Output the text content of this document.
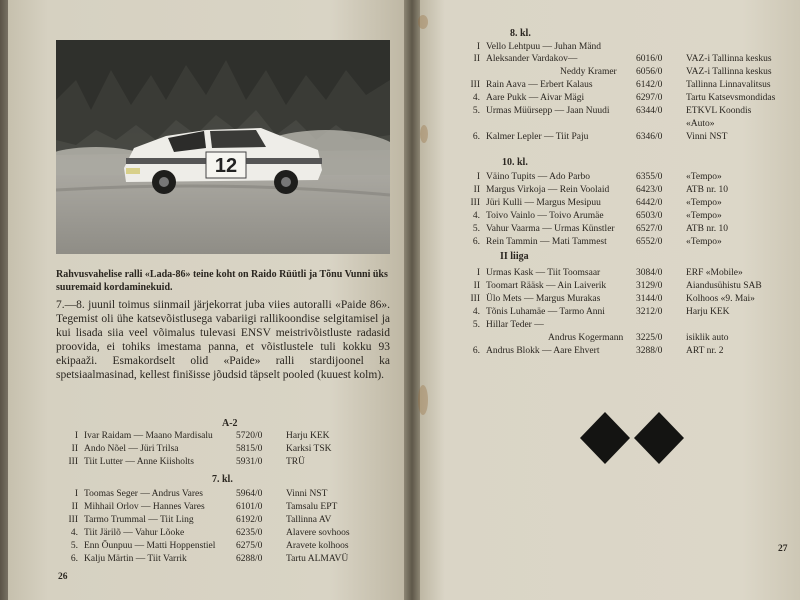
12
Rahvusvahelise ralli «Lada-86» teine koht on Raido Rüütli ja Tõnu Vunni üks suuremaid kordaminekuid.
7.—8. juunil toimus siinmail järjekorrat juba viies autoralli «Paide 86». Tegemist oli ühe katsevõistlusega vabariigi rallikoondise selgitamisel ja kui lisada siia veel võimalus tulevasi ENSV meistrivõistluste radasid proovida, ei tohiks imestama panna, et võistlustele tuli kokku 93 ekipaaži. Esmakordselt olid «Paide» ralli stardijoonel ka spetsiaalmasinad, kellest finišisse jõudsid täpselt pooled (kuuest kolm).
A-2
I Ivar Raidam — Maano Mardisalu 5720/0 Harju KEK
II Ando Nõel — Jüri Trilsa	5815/0 Karksi TSK
III Tiit Lutter — Anne Kiisholts	5931/0 TRÜ
7. kl.
I Toomas Seger — Andrus Vares	5964/0 Vinni NST
II Mihhail Orlov — Hannes Vares	6101/0 Tamsalu EPT
III Tarmo Trummal — Tiit Ling	6192/0 Tallinna AV
4. Tiit Järilõ — Vahur Lõoke	6235/0 Alavere sovhoos
5. Enn Õunpuu — Matti Hoppenstiel 6275/0 Aravete kolhoos
6. Kalju Märtin — Tiit Varrik	6288/0 Tartu ALMAVÜ
26
8. kl.
I Vello Lehtpuu — Juhan Mänd
II Aleksander Vardakov—	6016/0 VAZ-i Tallinna keskus
Neddy Kramer 6056/0 VAZ-i Tallinna keskus
III Rain Aava — Erbert Kalaus	6142/0 Tallinna Linnavalitsus
4. Aare Pukk — Aivar Mägi	6297/0 Tartu Katsevsmondidas
5. Urmas Müürsepp — Jaan Nuudi	6344/0 ETKVL Koondis
«Auto»
6. Kalmer Lepler — Tiit Paju	6346/0 Vinni NST
10. kl.
I Väino Tupits — Ado Parbo	6355/0 «Tempo»
II Margus Virkoja — Rein Voolaid	6423/0 ATB nr. 10
III Jüri Kulli — Margus Mesipuu	6442/0 «Tempo»
4. Toivo Vainlo — Toivo Arumäe	6503/0 «Tempo»
5. Vahur Vaarma — Urmas Künstler 6527/0 ATB nr. 10
6. Rein Tammin — Mati Tammest	6552/0 «Tempo»
II liiga
I Urmas Kask — Tiit Toomsaar	3084/0 ERF «Mobile»
II Toomart Rääsk — Ain Laiverik	3129/0 Aiandusühistu SAB
III Ülo Mets — Margus Murakas	3144/0 Kolhoos «9. Mai»
4. Tõnis Luhamäe — Tarmo Anni	3212/0 Harju KEK
5. Hillar Teder —
Andrus Kogermann 3225/0 isiklik auto
6. Andrus Blokk — Aare Ehvert	3288/0 ART nr. 2
27
